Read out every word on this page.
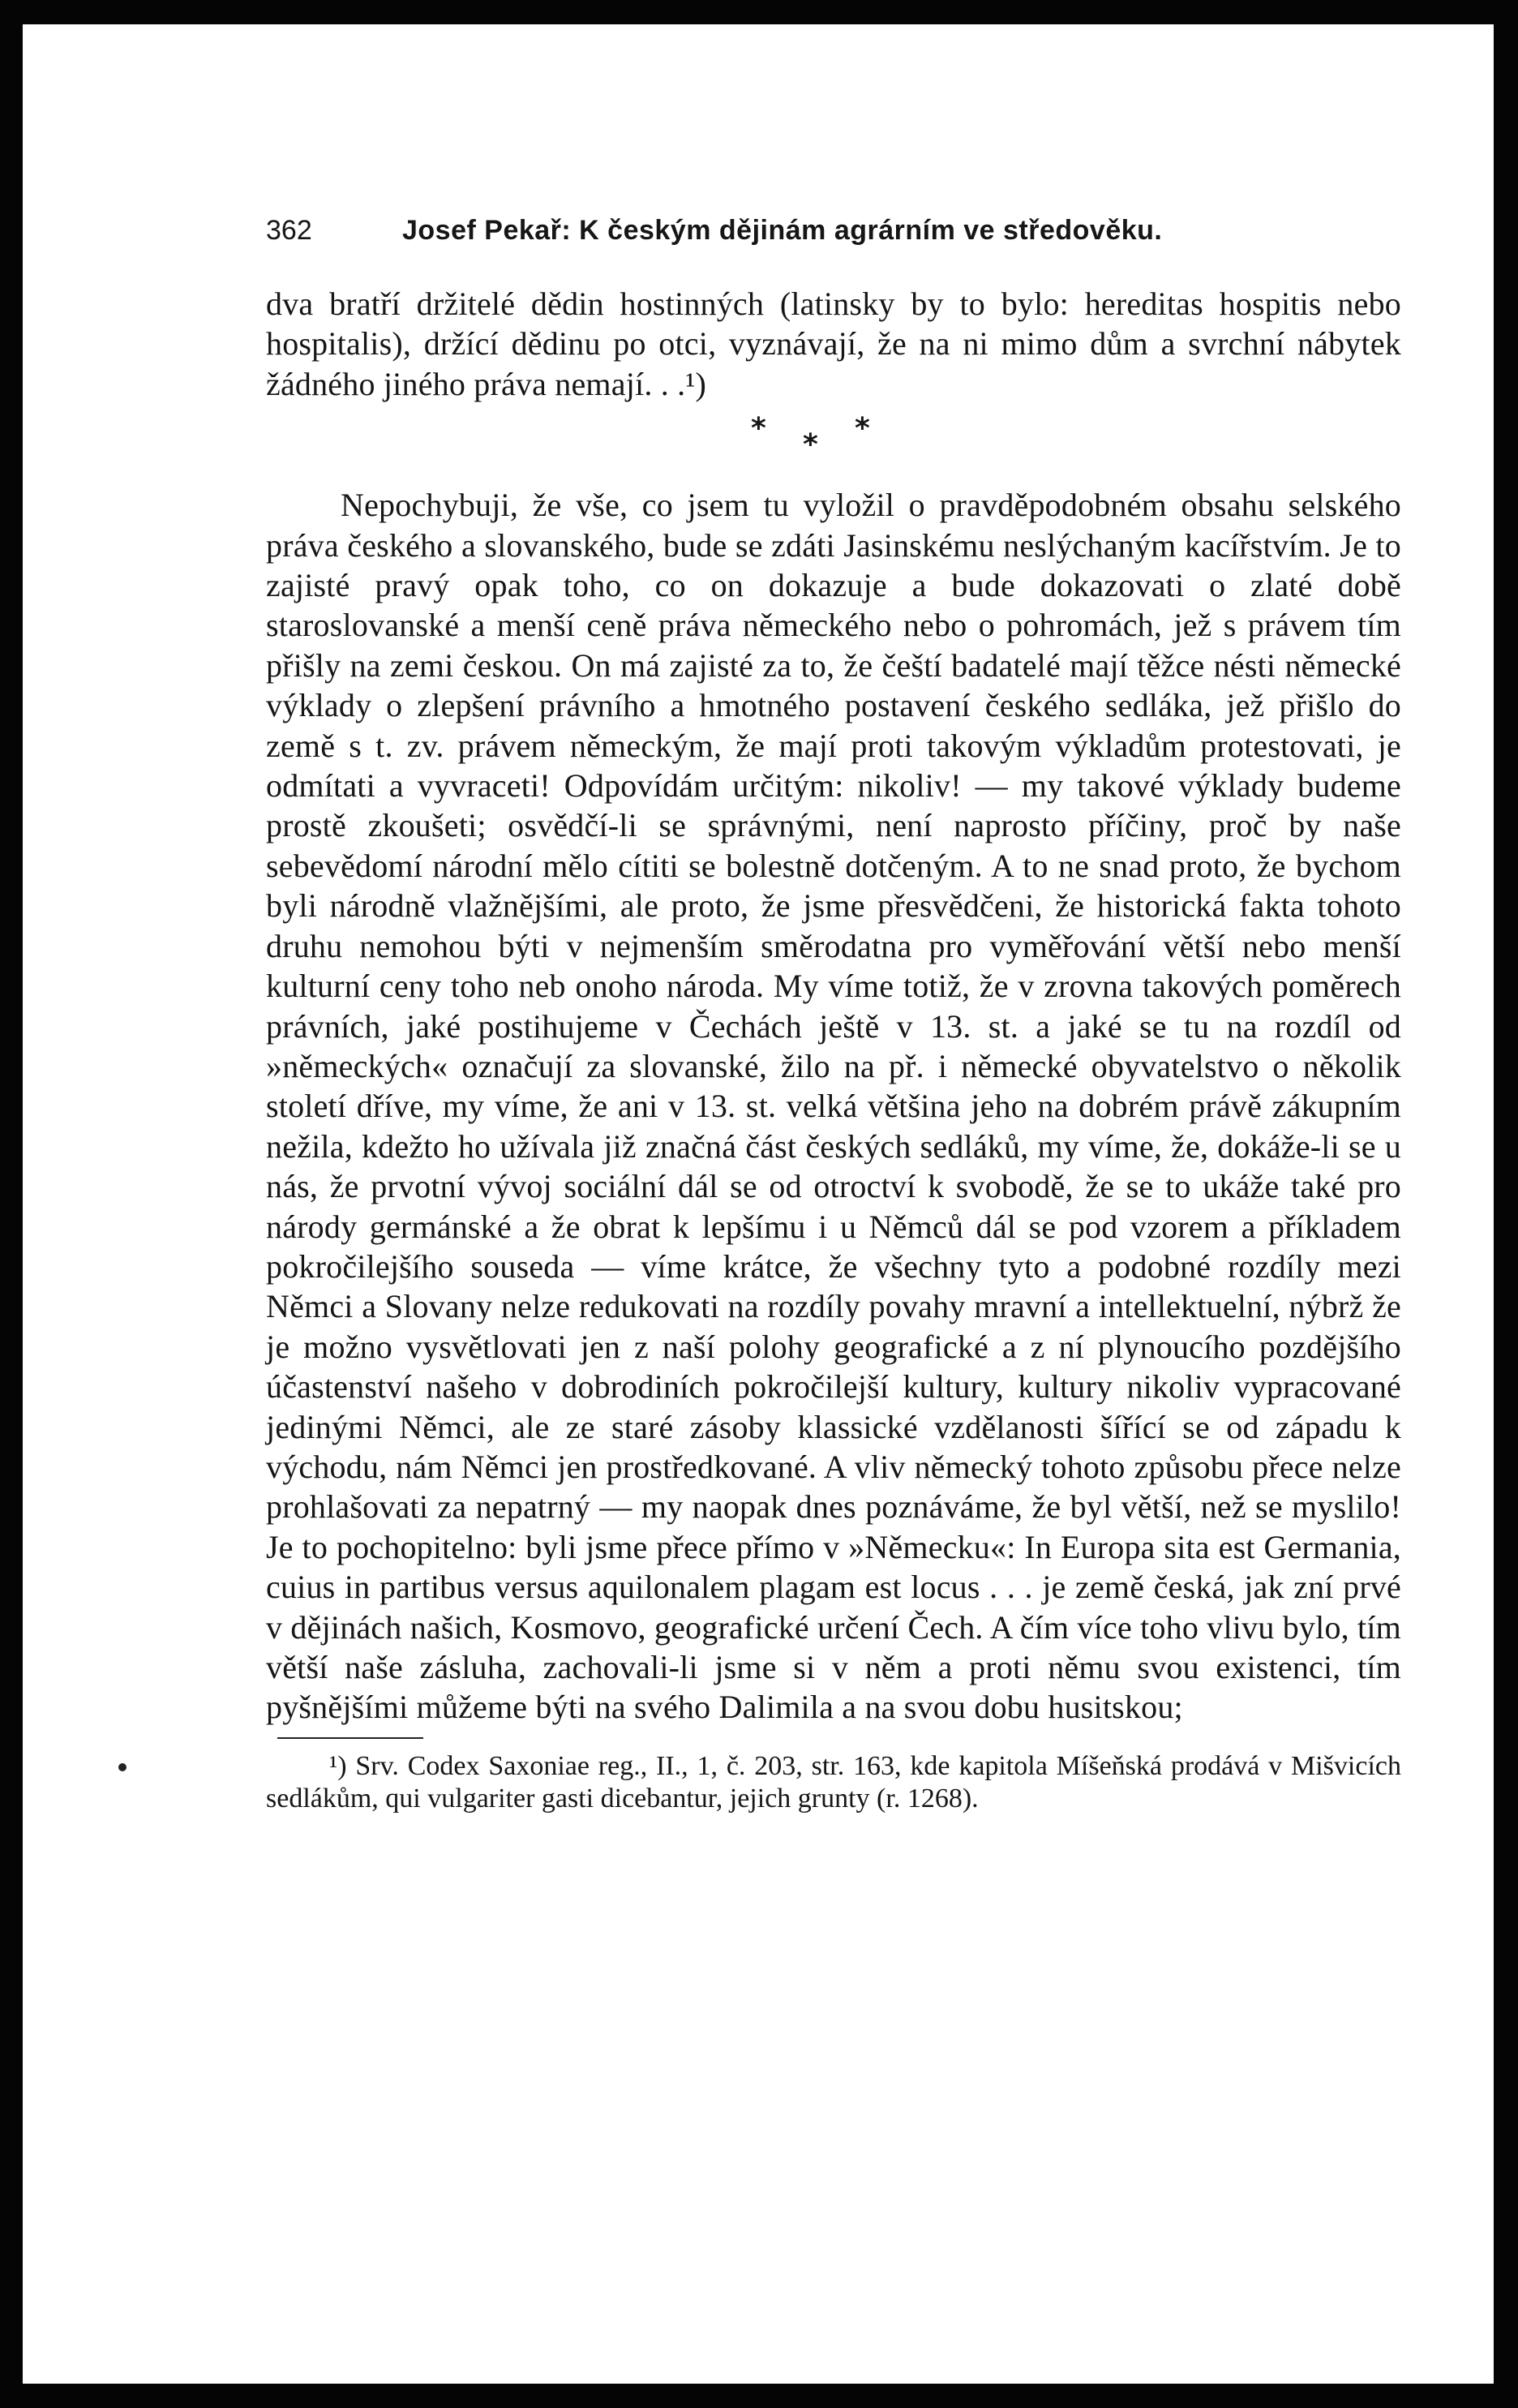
362	Josef Pekař: K českým dějinám agrárním ve středověku.

dva bratří držitelé dědin hostinných (latinsky by to bylo: hereditas hospitis nebo hospitalis), držící dědinu po otci, vyznávají, že na ni mimo dům a svrchní nábytek žádného jiného práva nemají. . .¹)

* * *

Nepochybuji, že vše, co jsem tu vyložil o pravděpodobném obsahu selského práva českého a slovanského, bude se zdáti Jasinskému neslýchaným kacířstvím. Je to zajisté pravý opak toho, co on dokazuje a bude dokazovati o zlaté době staroslovanské a menší ceně práva německého nebo o pohromách, jež s právem tím přišly na zemi českou. On má zajisté za to, že čeští badatelé mají těžce nésti německé výklady o zlepšení právního a hmotného postavení českého sedláka, jež přišlo do země s t. zv. právem německým, že mají proti takovým výkladům protestovati, je odmítati a vyvraceti! Odpovídám určitým: nikoliv! — my takové výklady budeme prostě zkoušeti; osvědčí-li se správnými, není naprosto příčiny, proč by naše sebevědomí národní mělo cítiti se bolestně dotčeným. A to ne snad proto, že bychom byli národně vlažnějšími, ale proto, že jsme přesvědčeni, že historická fakta tohoto druhu nemohou býti v nejmenším směrodatna pro vyměřování větší nebo menší kulturní ceny toho neb onoho národa. My víme totiž, že v zrovna takových poměrech právních, jaké postihujeme v Čechách ještě v 13. st. a jaké se tu na rozdíl od »německých« označují za slovanské, žilo na př. i německé obyvatelstvo o několik století dříve, my víme, že ani v 13. st. velká většina jeho na dobrém právě zákupním nežila, kdežto ho užívala již značná část českých sedláků, my víme, že, dokáže-li se u nás, že prvotní vývoj sociální dál se od otroctví k svobodě, že se to ukáže také pro národy germánské a že obrat k lepšímu i u Němců dál se pod vzorem a příkladem pokročilejšího souseda — víme krátce, že všechny tyto a podobné rozdíly mezi Němci a Slovany nelze redukovati na rozdíly povahy mravní a intellektuelní, nýbrž že je možno vysvětlovati jen z naší polohy geografické a z ní plynoucího pozdějšího účastenství našeho v dobrodiních pokročilejší kultury, kultury nikoliv vypracované jedinými Němci, ale ze staré zásoby klassické vzdělanosti šířící se od západu k východu, nám Němci jen prostředkované. A vliv německý tohoto způsobu přece nelze prohlašovati za nepatrný — my naopak dnes poznáváme, že byl větší, než se myslilo! Je to pochopitelno: byli jsme přece přímo v »Německu«: In Europa sita est Germania, cuius in partibus versus aquilonalem plagam est locus . . . je země česká, jak zní prvé v dějinách našich, Kosmovo, geografické určení Čech. A čím více toho vlivu bylo, tím větší naše zásluha, zachovali-li jsme si v něm a proti němu svou existenci, tím pyšnějšími můžeme býti na svého Dalimila a na svou dobu husitskou;

¹) Srv. Codex Saxoniae reg., II., 1, č. 203, str. 163, kde kapitola Míšeňská prodává v Mišvicích sedlákům, qui vulgariter gasti dicebantur, jejich grunty (r. 1268).
